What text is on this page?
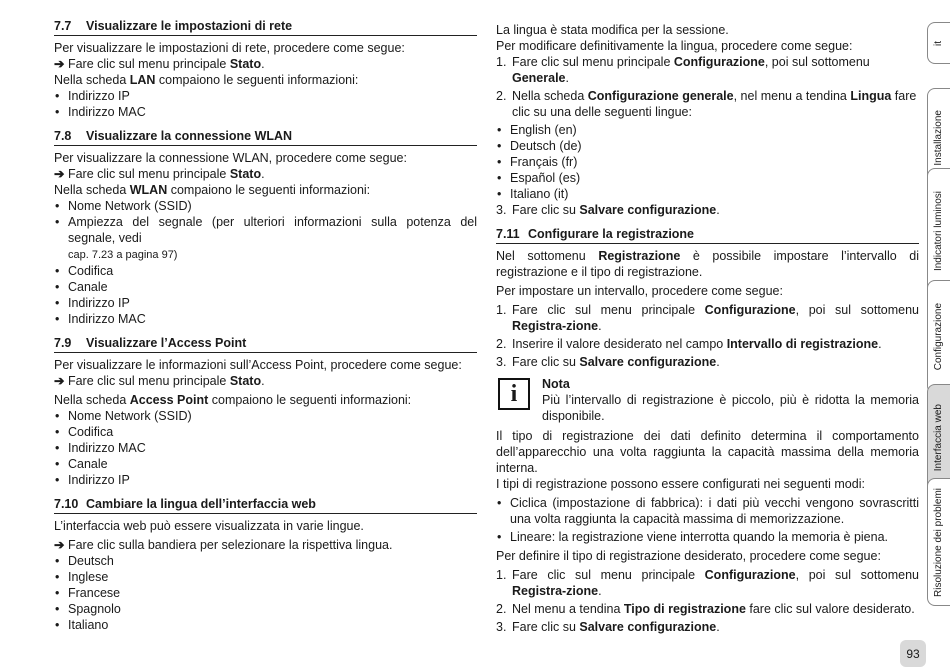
7.7 Visualizzare le impostazioni di rete

Per visualizzare le impostazioni di rete, procedere come segue:

➔ Fare clic sul menu principale Stato.

Nella scheda LAN compaiono le seguenti informazioni:

• Indirizzo IP
• Indirizzo MAC
7.8 Visualizzare la connessione WLAN

Per visualizzare la connessione WLAN, procedere come segue:

➔ Fare clic sul menu principale Stato.

Nella scheda WLAN compaiono le seguenti informazioni:

• Nome Network (SSID)
• Ampiezza del segnale (per ulteriori informazioni sulla potenza del segnale, vedi
cap. 7.23 a pagina 97)
• Codifica
• Canale
• Indirizzo IP
• Indirizzo MAC
7.9 Visualizzare l’Access Point

Per visualizzare le informazioni sull’Access Point, procedere come segue:

➔ Fare clic sul menu principale Stato.

Nella scheda Access Point compaiono le seguenti informazioni:

• Nome Network (SSID)
• Codifica
• Indirizzo MAC
• Canale
• Indirizzo IP
7.10 Cambiare la lingua dell’interfaccia web

L’interfaccia web può essere visualizzata in varie lingue.

➔ Fare clic sulla bandiera per selezionare la rispettiva lingua.

• Deutsch
• Inglese
• Francese
• Spagnolo
• Italiano

La lingua è stata modifica per la sessione.

Per modificare definitivamente la lingua, procedere come segue:

1. Fare clic sul menu principale Configurazione, poi sul sottomenu Generale.
2. Nella scheda Configurazione generale, nel menu a tendina Lingua fare clic su una delle seguenti lingue:
• English (en)
• Deutsch (de)
• Français (fr)
• Español (es)
• Italiano (it)
3. Fare clic su Salvare configurazione.
7.11 Configurare la registrazione

Nel sottomenu Registrazione è possibile impostare l’intervallo di registrazione e il tipo di registrazione.

Per impostare un intervallo, procedere come segue:

1. Fare clic sul menu principale Configurazione, poi sul sottomenu Registra-zione.
2. Inserire il valore desiderato nel campo Intervallo di registrazione.
3. Fare clic su Salvare configurazione.
i	Nota

Più l’intervallo di registrazione è piccolo, più è ridotta la memoria disponibile.

Il tipo di registrazione dei dati definito determina il comportamento dell’apparecchio una volta raggiunta la capacità massima della memoria interna.

I tipi di registrazione possono essere configurati nei seguenti modi:

• Ciclica (impostazione di fabbrica): i dati più vecchi vengono sovrascritti una volta raggiunta la capacità massima di memorizzazione.
• Lineare: la registrazione viene interrotta quando la memoria è piena.

Per definire il tipo di registrazione desiderato, procedere come segue:

1. Fare clic sul menu principale Configurazione, poi sul sottomenu Registra-zione.
2. Nel menu a tendina Tipo di registrazione fare clic sul valore desiderato.
3. Fare clic su Salvare configurazione.
it
Installazione
Indicatori luminosi
Configurazione
Interfaccia web
Risoluzione dei problemi
93
